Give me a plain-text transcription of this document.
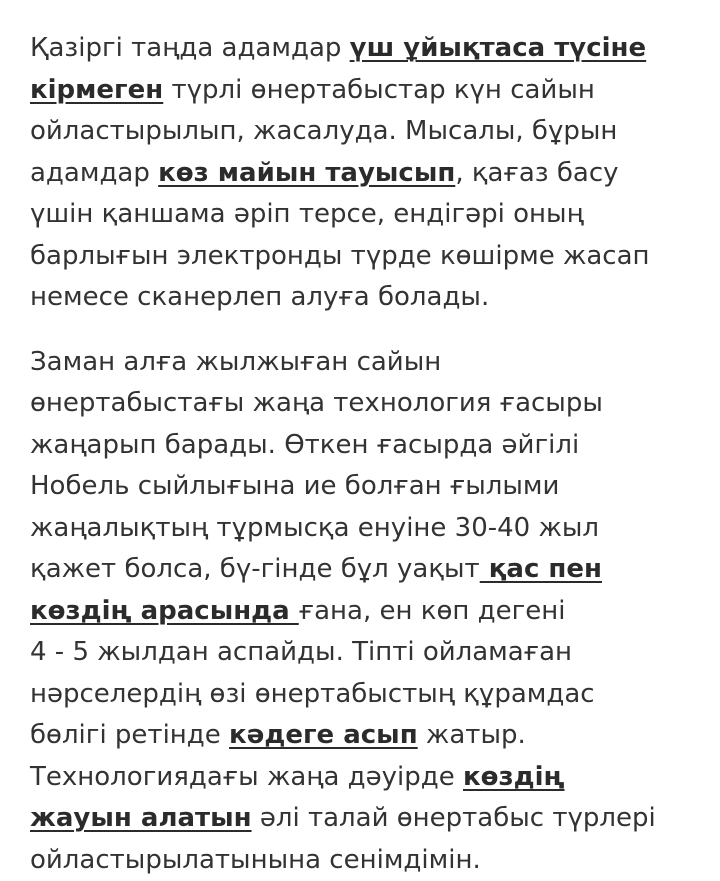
Қазіргі таңда адамдар үш ұйықтаса түсіне
кірмеген түрлі өнертабыстар күн сайын
ойластырылып, жасалуда. Мысалы, бұрын
адамдар көз майын тауысып, қағаз басу
үшін қаншама әріп терсе, ендігәрі оның
барлығын электронды түрде көшірме жасап
немесе сканерлеп алуға болады.

Заман алға жылжыған сайын
өнертабыстағы жаңа технология ғасыры
жаңарып барады. Өткен ғасырда әйгілі
Нобель сыйлығына ие болған ғылыми
жаңалықтың тұрмысқа енуіне 30-40 жыл
қажет болса, бү-гінде бұл уақыт қас пен
көздің арасында ғана, ен көп дегені
4 - 5 жылдан аспайды. Тіпті ойламаған
нәрселердің өзі өнертабыстың құрамдас
бөлігі ретінде кәдеге асып жатыр.
Технологиядағы жаңа дәуірде көздің
жауын алатын әлі талай өнертабыс түрлері
ойластырылатынына сенімдімін.
